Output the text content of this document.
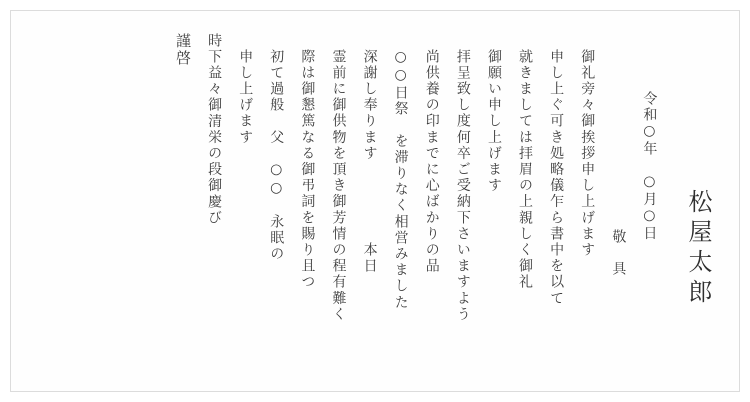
謹啓 時下益々御清栄の段御慶び 申し上げます 初て過般　父　○○　永眠の 際は御懇篤なる御弔詞を賜り且つ 霊前に御供物を頂き御芳情の程有難く 深謝し奉ります　　　　　本日 ○○日祭　を滞りなく相営みました 尚供養の印までに心ばかりの品 拝呈致し度何卒ご受納下さいますよう 御願い申し上げます 就きましては拝眉の上親しく御礼 申し上ぐ可き処略儀乍ら書中を以て 御礼旁々御挨拶申し上げます 敬　具
令和○年　○月○日
松屋太郎
